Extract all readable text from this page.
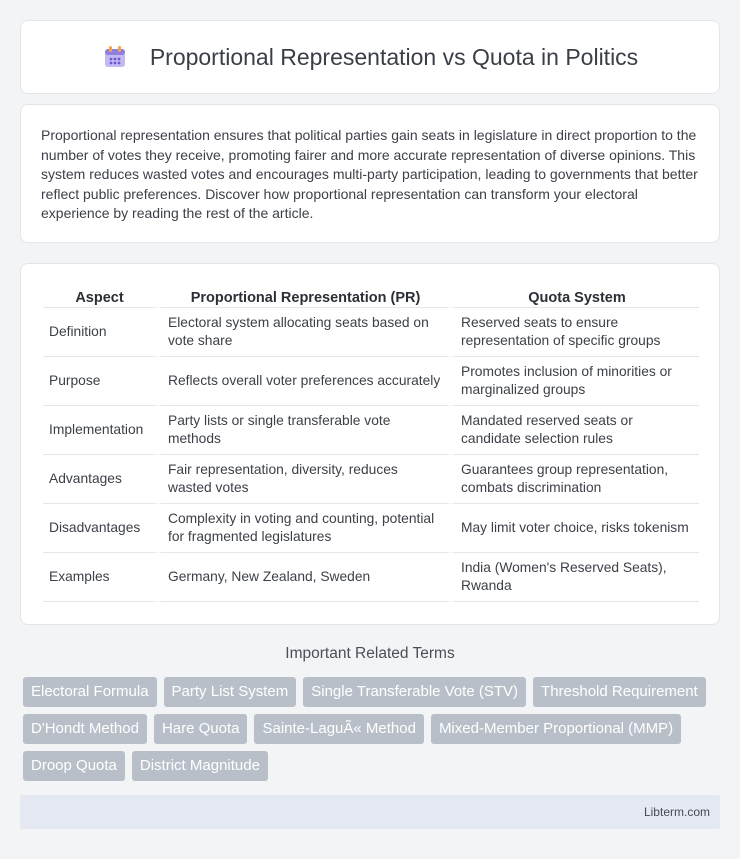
Proportional Representation vs Quota in Politics

Proportional representation ensures that political parties gain seats in legislature in direct proportion to the number of votes they receive, promoting fairer and more accurate representation of diverse opinions. This system reduces wasted votes and encourages multi-party participation, leading to governments that better reflect public preferences. Discover how proportional representation can transform your electoral experience by reading the rest of the article.

Aspect	Proportional Representation (PR)	Quota System
Definition	Electoral system allocating seats based on vote share	Reserved seats to ensure representation of specific groups
Purpose	Reflects overall voter preferences accurately	Promotes inclusion of minorities or marginalized groups
Implementation	Party lists or single transferable vote methods	Mandated reserved seats or candidate selection rules
Advantages	Fair representation, diversity, reduces wasted votes	Guarantees group representation, combats discrimination
Disadvantages	Complexity in voting and counting, potential for fragmented legislatures	May limit voter choice, risks tokenism
Examples	Germany, New Zealand, Sweden	India (Women's Reserved Seats), Rwanda
Important Related Terms
Electoral Formula	Party List System	Single Transferable Vote (STV)	Threshold Requirement
D'Hondt Method	Hare Quota	Sainte-LaguÃ« Method	Mixed-Member Proportional (MMP)
Droop Quota	District Magnitude
Libterm.com
